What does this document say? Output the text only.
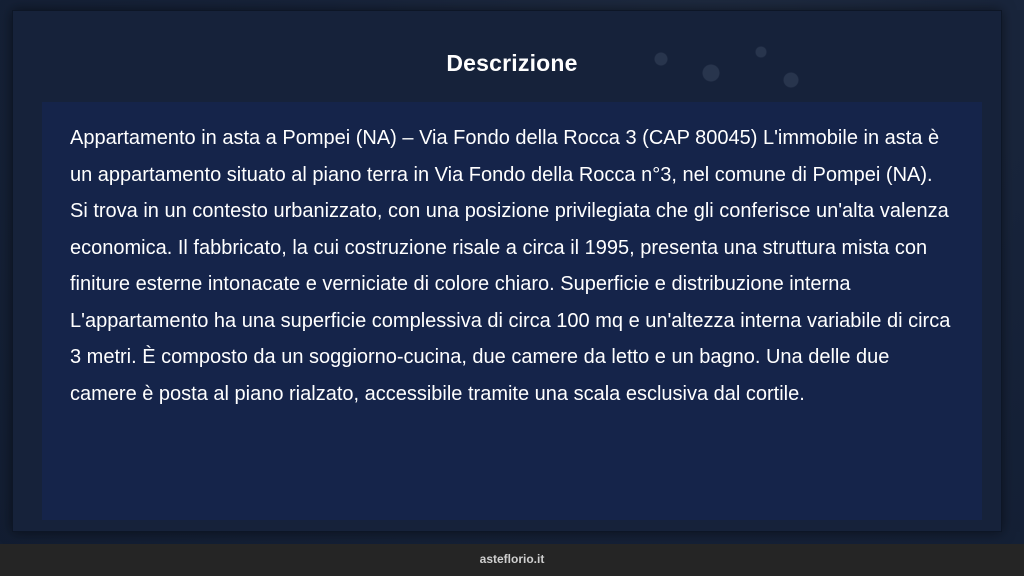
Descrizione

Appartamento in asta a Pompei (NA) – Via Fondo della Rocca 3 (CAP 80045) L'immobile in asta è un appartamento situato al piano terra in Via Fondo della Rocca n°3, nel comune di Pompei (NA). Si trova in un contesto urbanizzato, con una posizione privilegiata che gli conferisce un'alta valenza economica. Il fabbricato, la cui costruzione risale a circa il 1995, presenta una struttura mista con finiture esterne intonacate e verniciate di colore chiaro. Superficie e distribuzione interna L'appartamento ha una superficie complessiva di circa 100 mq e un'altezza interna variabile di circa 3 metri. È composto da un soggiorno-cucina, due camere da letto e un bagno. Una delle due camere è posta al piano rialzato, accessibile tramite una scala esclusiva dal cortile.

asteflorio.it
